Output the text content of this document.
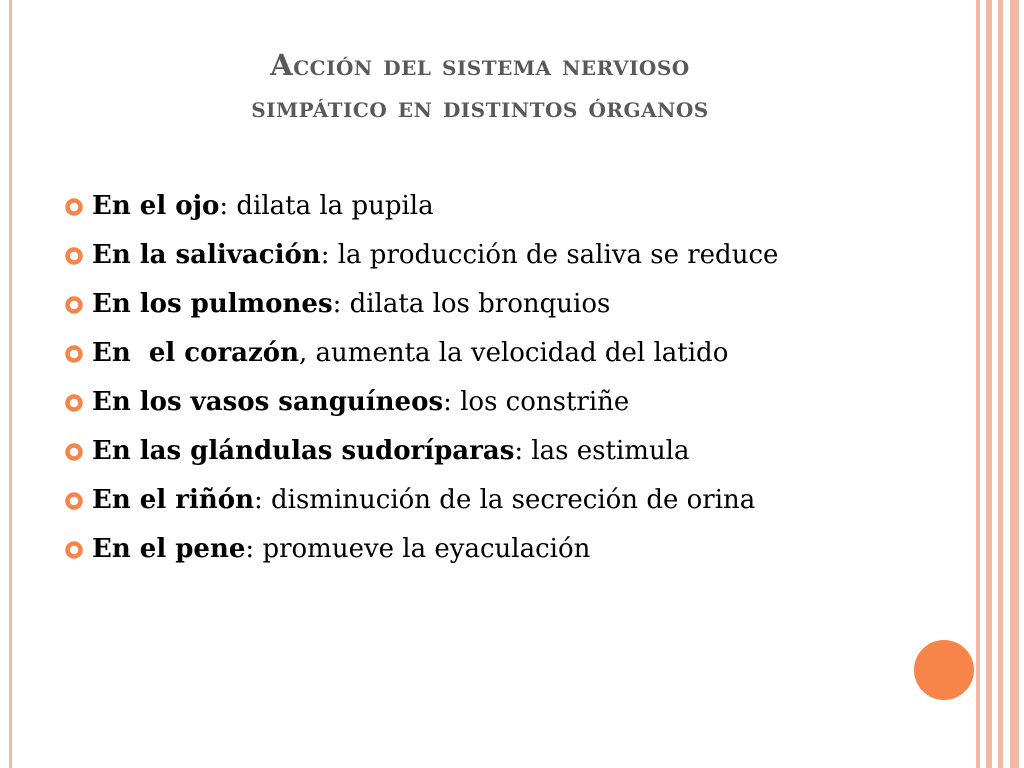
Acción del sistema nervioso
simpático en distintos órganos
En el ojo: dilata la pupila
En la salivación: la producción de saliva se reduce
En los pulmones: dilata los bronquios
En  el corazón, aumenta la velocidad del latido
En los vasos sanguíneos: los constriñe
En las glándulas sudoríparas: las estimula
En el riñón: disminución de la secreción de orina
En el pene: promueve la eyaculación
